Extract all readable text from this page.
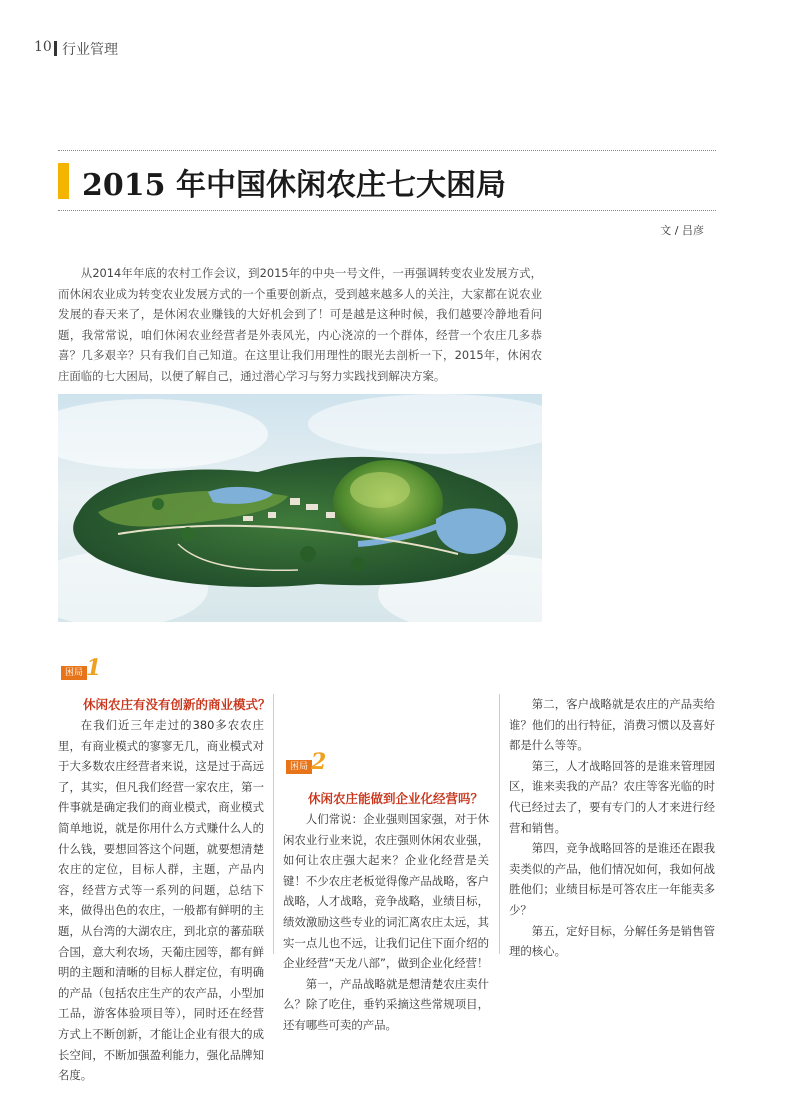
10 行业管理
2015 年中国休闲农庄七大困局
文 / 吕彦

从2014年年底的农村工作会议，到2015年的中央一号文件，一再强调转变农业发展方式，而休闲农业成为转变农业发展方式的一个重要创新点，受到越来越多人的关注，大家都在说农业发展的春天来了，是休闲农业赚钱的大好机会到了！可是越是这种时候，我们越要冷静地看问题，我常常说，咱们休闲农业经营者是外表风光，内心浇凉的一个群体，经营一个农庄几多恭喜？几多艰辛？只有我们自己知道。在这里让我们用理性的眼光去剖析一下，2015年，休闲农庄面临的七大困局，以便了解自己，通过潜心学习与努力实践找到解决方案。

困局 1

休闲农庄有没有创新的商业模式？

在我们近三年走过的380多农农庄里，有商业模式的寥寥无几，商业模式对于大多数农庄经营者来说，这是过于高远了，其实，但凡我们经营一家农庄，第一件事就是确定我们的商业模式，商业模式简单地说，就是你用什么方式赚什么人的什么钱，要想回答这个问题，就要想清楚农庄的定位，目标人群，主题，产品内容，经营方式等一系列的问题，总结下来，做得出色的农庄，一般都有鲜明的主题，从台湾的大湖农庄，到北京的蕃茄联合国，意大利农场，天葡庄园等，都有鲜明的主题和清晰的目标人群定位，有明确的产品（包括农庄生产的农产品，小型加工品，游客体验项目等），同时还在经营方式上不断创新，才能让企业有很大的成长空间，不断加强盈利能力，强化品牌知名度。

困局 2

休闲农庄能做到企业化经营吗？

人们常说：企业强则国家强，对于休闲农业行业来说，农庄强则休闲农业强，如何让农庄强大起来？企业化经营是关键！不少农庄老板觉得像产品战略，客户战略，人才战略，竞争战略，业绩目标，绩效激励这些专业的词汇离农庄太远，其实一点儿也不远，让我们记住下面介绍的企业经营“天龙八部”，做到企业化经营！

第一，产品战略就是想清楚农庄卖什么？除了吃住，垂钓采摘这些常规项目，还有哪些可卖的产品。

第二，客户战略就是农庄的产品卖给谁？他们的出行特征，消费习惯以及喜好都是什么等等。

第三，人才战略回答的是谁来管理园区，谁来卖我的产品？农庄等客光临的时代已经过去了，要有专门的人才来进行经营和销售。

第四，竞争战略回答的是谁还在跟我卖类似的产品，他们情况如何，我如何战胜他们；业绩目标是可答农庄一年能卖多少？

第五，定好目标，分解任务是销售管理的核心。
